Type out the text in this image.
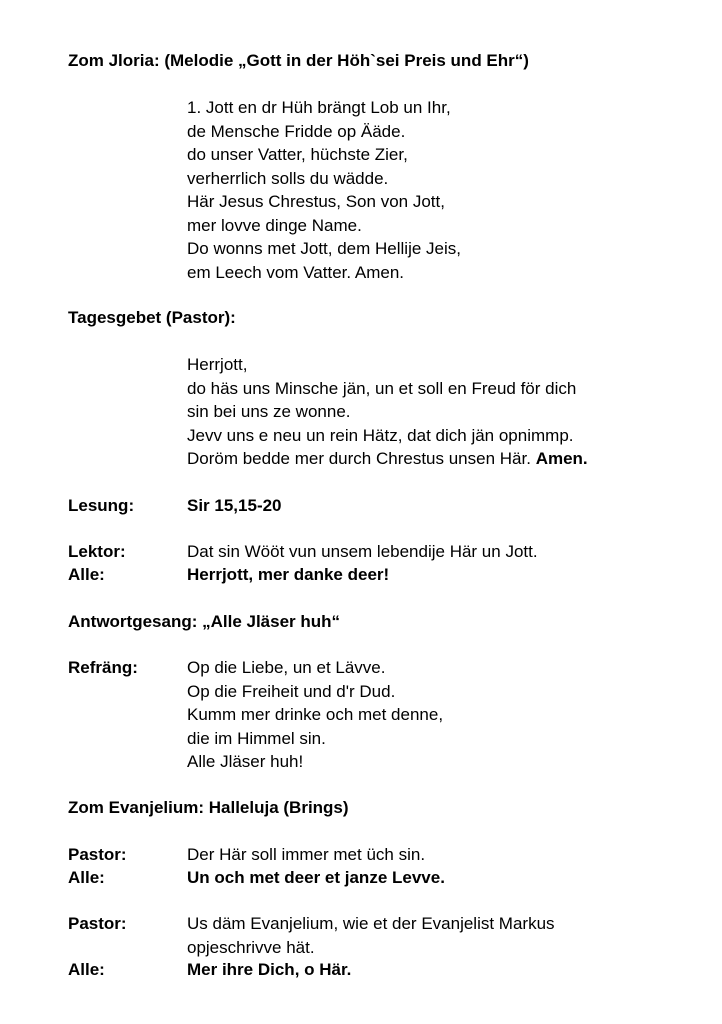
Zom Jloria: (Melodie „Gott in der Höh`sei Preis und Ehr“)
1. Jott en dr Hüh brängt Lob un Ihr,
de Mensche Fridde op Ääde.
do unser Vatter, hüchste Zier,
verherrlich solls du wädde.
Här Jesus Chrestus, Son von Jott,
mer lovve dinge Name.
Do wonns met Jott, dem Hellije Jeis,
em Leech vom Vatter. Amen.
Tagesgebet (Pastor):
Herrjott,
do häs uns Minsche jän, un et soll en Freud för dich
sin bei uns ze wonne.
Jevv uns e neu un rein Hätz, dat dich jän opnimmp.
Doröm bedde mer durch Chrestus unsen Här. Amen.
Lesung:	Sir 15,15-20
Lektor:	Dat sin Wööt vun unsem lebendije Här un Jott.
Alle:	Herrjott, mer danke deer!
Antwortgesang: „Alle Jläser huh“
Refräng:	Op die Liebe, un et Lävve.
Op die Freiheit und d'r Dud.
Kumm mer drinke och met denne,
die im Himmel sin.
Alle Jläser huh!
Zom Evanjelium: Halleluja (Brings)
Pastor:	Der Här soll immer met üch sin.
Alle:	Un och met deer et janze Levve.
Pastor:	Us däm Evanjelium, wie et der Evanjelist Markus
opjeschrivve hät.
Alle:	Mer ihre Dich, o Här.
